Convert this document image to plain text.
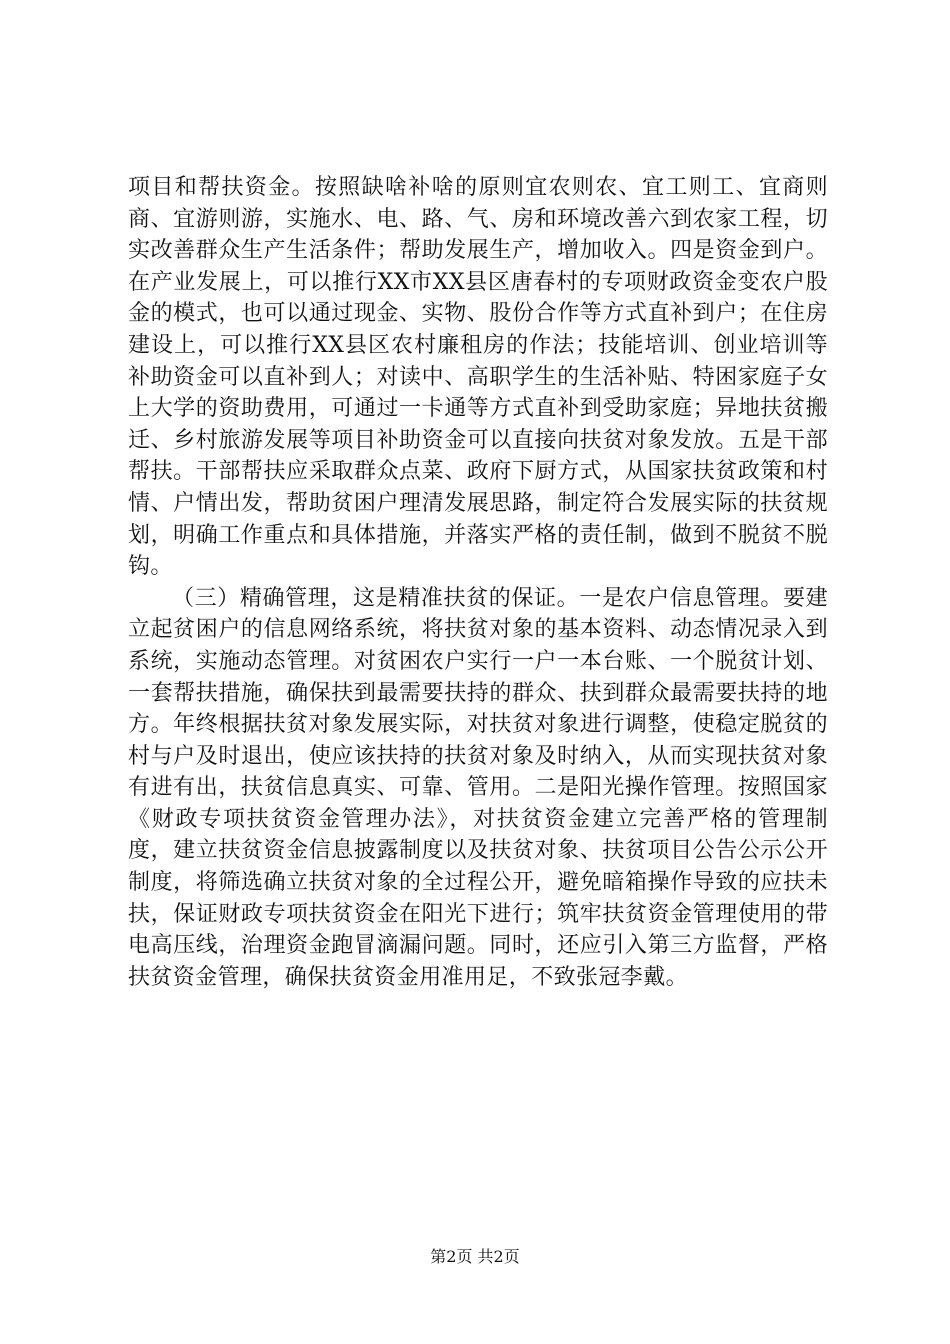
项目和帮扶资金。按照缺啥补啥的原则宜农则农、宜工则工、宜商则商、宜游则游，实施水、电、路、气、房和环境改善六到农家工程，切实改善群众生产生活条件；帮助发展生产，增加收入。四是资金到户。在产业发展上，可以推行XX市XX县区唐春村的专项财政资金变农户股金的模式，也可以通过现金、实物、股份合作等方式直补到户；在住房建设上，可以推行XX县区农村廉租房的作法；技能培训、创业培训等补助资金可以直补到人；对读中、高职学生的生活补贴、特困家庭子女上大学的资助费用，可通过一卡通等方式直补到受助家庭；异地扶贫搬迁、乡村旅游发展等项目补助资金可以直接向扶贫对象发放。五是干部帮扶。干部帮扶应采取群众点菜、政府下厨方式，从国家扶贫政策和村情、户情出发，帮助贫困户理清发展思路，制定符合发展实际的扶贫规划，明确工作重点和具体措施，并落实严格的责任制，做到不脱贫不脱钩。

（三）精确管理，这是精准扶贫的保证。一是农户信息管理。要建立起贫困户的信息网络系统，将扶贫对象的基本资料、动态情况录入到系统，实施动态管理。对贫困农户实行一户一本台账、一个脱贫计划、一套帮扶措施，确保扶到最需要扶持的群众、扶到群众最需要扶持的地方。年终根据扶贫对象发展实际，对扶贫对象进行调整，使稳定脱贫的村与户及时退出，使应该扶持的扶贫对象及时纳入，从而实现扶贫对象有进有出，扶贫信息真实、可靠、管用。二是阳光操作管理。按照国家《财政专项扶贫资金管理办法》，对扶贫资金建立完善严格的管理制度，建立扶贫资金信息披露制度以及扶贫对象、扶贫项目公告公示公开制度，将筛选确立扶贫对象的全过程公开，避免暗箱操作导致的应扶未扶，保证财政专项扶贫资金在阳光下进行；筑牢扶贫资金管理使用的带电高压线，治理资金跑冒滴漏问题。同时，还应引入第三方监督，严格扶贫资金管理，确保扶贫资金用准用足，不致张冠李戴。

第2页 共2页
